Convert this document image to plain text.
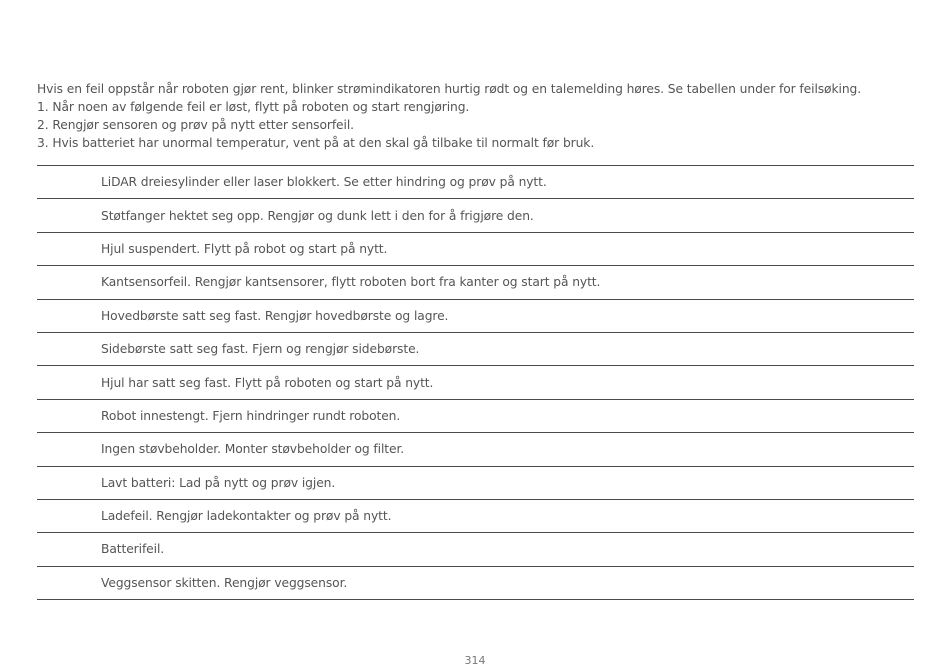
Hvis en feil oppstår når roboten gjør rent, blinker strømindikatoren hurtig rødt og en talemelding høres. Se tabellen under for feilsøking.
1. Når noen av følgende feil er løst, flytt på roboten og start rengjøring.
2. Rengjør sensoren og prøv på nytt etter sensorfeil.
3. Hvis batteriet har unormal temperatur, vent på at den skal gå tilbake til normalt før bruk.
LiDAR dreiesylinder eller laser blokkert. Se etter hindring og prøv på nytt.
Støtfanger hektet seg opp. Rengjør og dunk lett i den for å frigjøre den.
Hjul suspendert. Flytt på robot og start på nytt.
Kantsensorfeil. Rengjør kantsensorer, flytt roboten bort fra kanter og start på nytt.
Hovedbørste satt seg fast. Rengjør hovedbørste og lagre.
Sidebørste satt seg fast. Fjern og rengjør sidebørste.
Hjul har satt seg fast. Flytt på roboten og start på nytt.
Robot innestengt. Fjern hindringer rundt roboten.
Ingen støvbeholder. Monter støvbeholder og filter.
Lavt batteri: Lad på nytt og prøv igjen.
Ladefeil. Rengjør ladekontakter og prøv på nytt.
Batterifeil.
Veggsensor skitten. Rengjør veggsensor.
314
